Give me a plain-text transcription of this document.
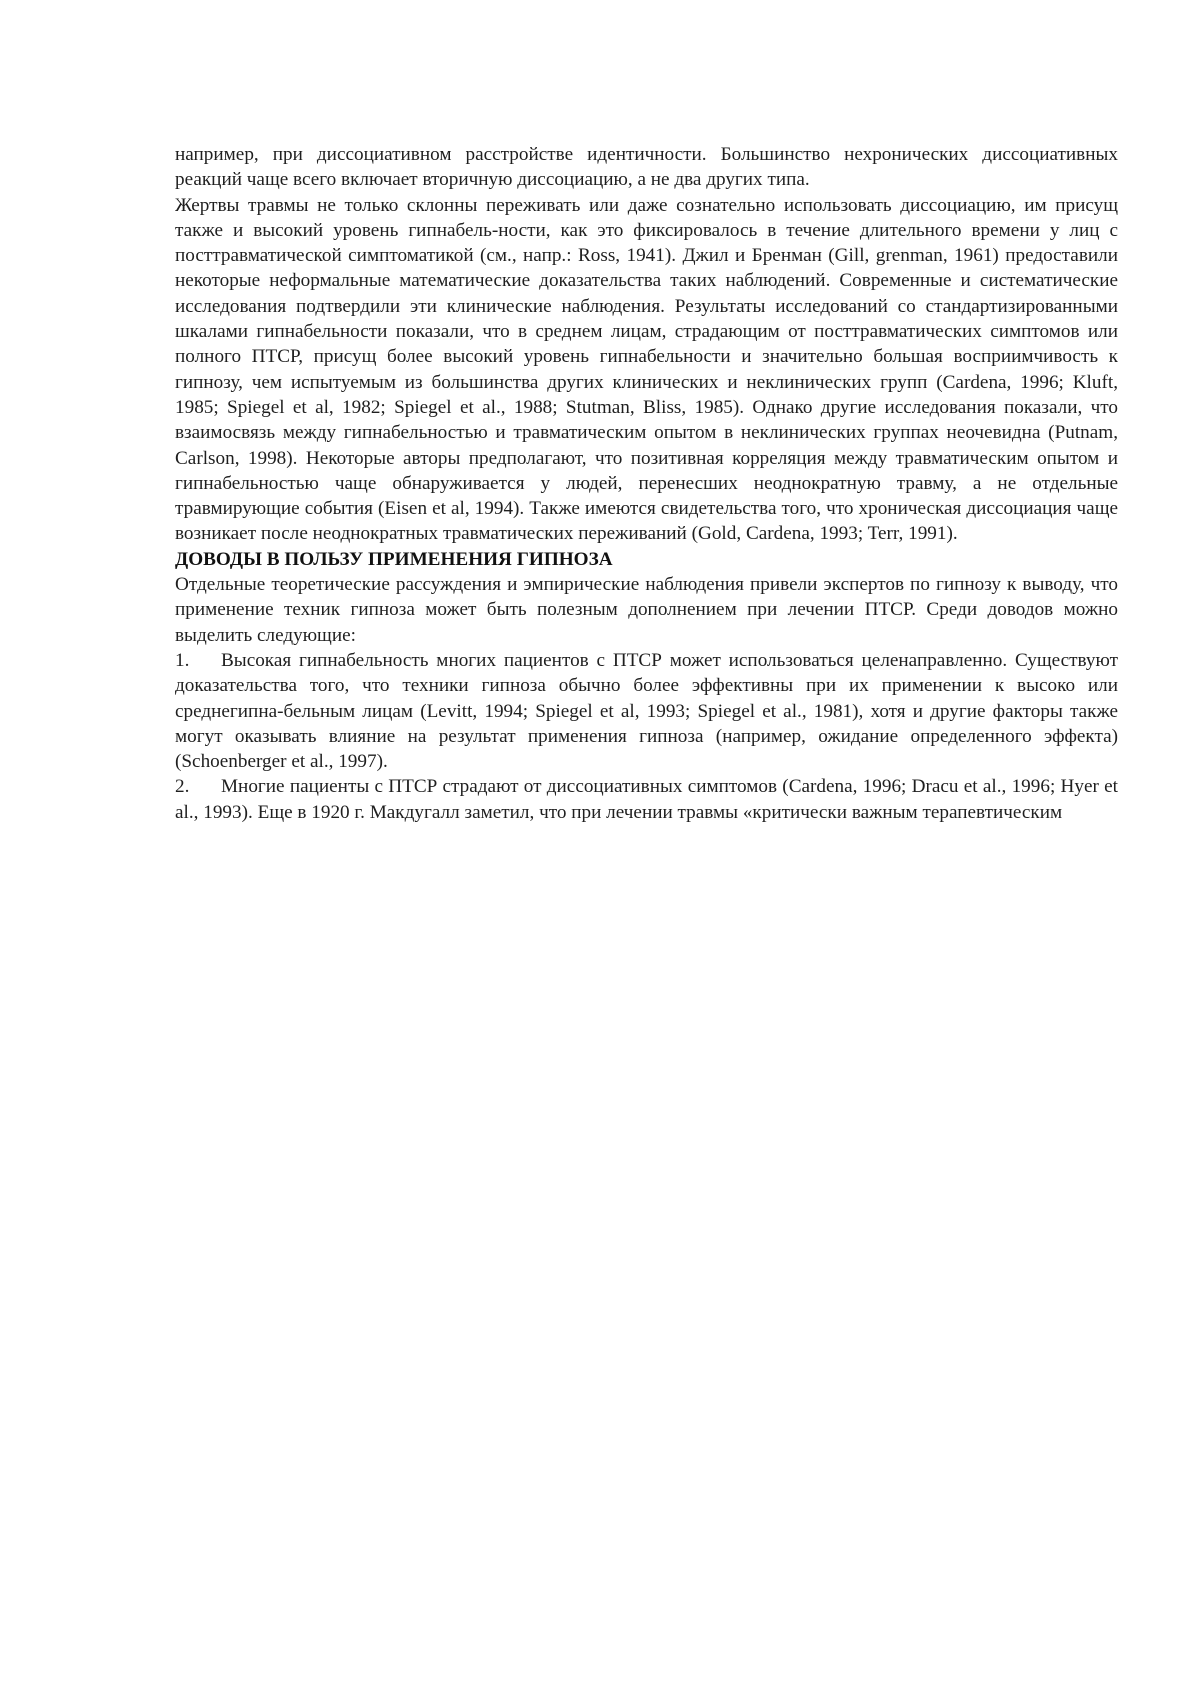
например, при диссоциативном расстройстве идентичности. Большинство нехронических диссоциативных реакций чаще всего включает вторичную диссоциацию, а не два других типа.

Жертвы травмы не только склонны переживать или даже сознательно использовать диссоциацию, им присущ также и высокий уровень гипнабель-ности, как это фиксировалось в течение длительного времени у лиц с посттравматической симптоматикой (см., напр.: Ross, 1941). Джил и Бренман (Gill, grenman, 1961) предоставили некоторые неформальные математические доказательства таких наблюдений. Современные и систематические исследования подтвердили эти клинические наблюдения. Результаты исследований со стандартизированными шкалами гипнабельности показали, что в среднем лицам, страдающим от посттравматических симптомов или полного ПТСР, присущ более высокий уровень гипнабельности и значительно большая восприимчивость к гипнозу, чем испытуемым из большинства других клинических и неклинических групп (Cardena, 1996; Kluft, 1985; Spiegel et al, 1982; Spiegel et al., 1988; Stutman, Bliss, 1985). Однако другие исследования показали, что взаимосвязь между гипнабельностью и травматическим опытом в неклинических группах неочевидна (Putnam, Carlson, 1998). Некоторые авторы предполагают, что позитивная корреляция между травматическим опытом и гипнабельностью чаще обнаруживается у людей, перенесших неоднократную травму, а не отдельные травмирующие события (Eisen et al, 1994). Также имеются свидетельства того, что хроническая диссоциация чаще возникает после неоднократных травматических переживаний (Gold, Cardena, 1993; Terr, 1991).

ДОВОДЫ В ПОЛЬЗУ ПРИМЕНЕНИЯ ГИПНОЗА

Отдельные теоретические рассуждения и эмпирические наблюдения привели экспертов по гипнозу к выводу, что применение техник гипноза может быть полезным дополнением при лечении ПТСР. Среди доводов можно выделить следующие:

1. Высокая гипнабельность многих пациентов с ПТСР может использоваться целенаправленно. Существуют доказательства того, что техники гипноза обычно более эффективны при их применении к высоко или среднегипна-бельным лицам (Levitt, 1994; Spiegel et al, 1993; Spiegel et al., 1981), хотя и другие факторы также могут оказывать влияние на результат применения гипноза (например, ожидание определенного эффекта) (Schoenberger et al., 1997).

2. Многие пациенты с ПТСР страдают от диссоциативных симптомов (Cardena, 1996; Dracu et al., 1996; Hyer et al., 1993). Еще в 1920 г. Макдугалл заметил, что при лечении травмы «критически важным терапевтическим
